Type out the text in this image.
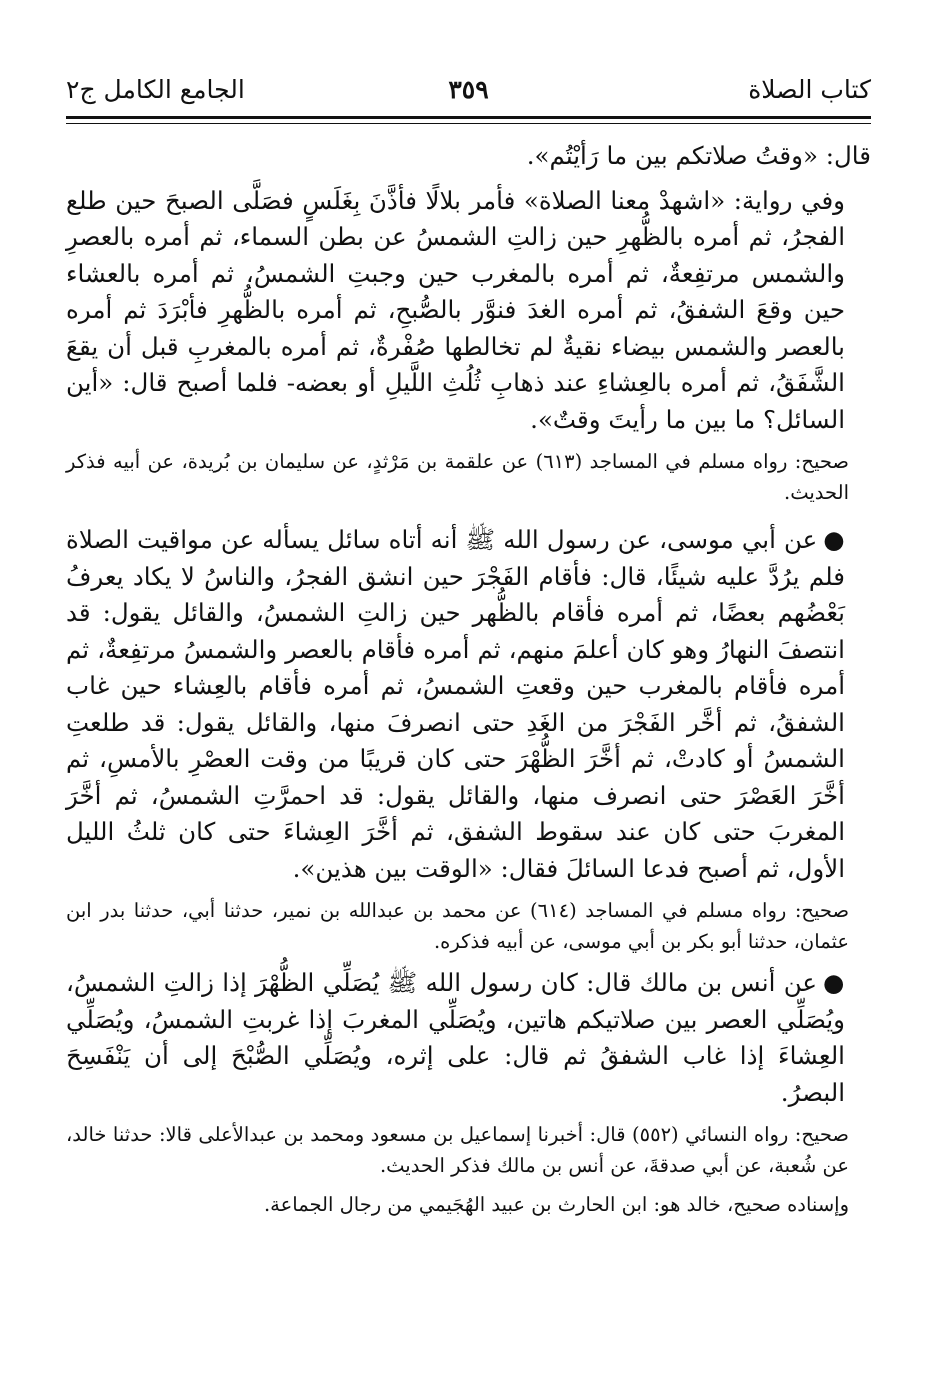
كتاب الصلاة
٣٥٩
الجامع الكامل ج٢

قال: «وقتُ صلاتكم بين ما رَأيْتُم».

وفي رواية: «اشهدْ معنا الصلاة» فأمر بلالًا فأذَّنَ بِغَلَسٍ فصَلَّى الصبحَ حين طلع الفجرُ، ثم أمره بالظُّهرِ حين زالتِ الشمسُ عن بطن السماء، ثم أمره بالعصرِ والشمس مرتفِعةٌ، ثم أمره بالمغرب حين وجبتِ الشمسُ، ثم أمره بالعشاء حين وقعَ الشفقُ، ثم أمره الغدَ فنوَّر بالصُّبحِ، ثم أمره بالظُّهرِ فأبْرَدَ ثم أمره بالعصر والشمس بيضاء نقيةٌ لم تخالطها صُفْرةٌ، ثم أمره بالمغربِ قبل أن يقعَ الشَّفَقُ، ثم أمره بالعِشاءِ عند ذهابِ ثُلُثِ اللَّيلِ أو بعضه- فلما أصبح قال: «أين السائل؟ ما بين ما رأيتَ وقتٌ».

صحيح: رواه مسلم في المساجد (٦١٣) عن علقمة بن مَرْثدٍ، عن سليمان بن بُريدة، عن أبيه فذكر الحديث.

●عن أبي موسى، عن رسول الله ﷺ أنه أتاه سائل يسأله عن مواقيت الصلاة فلم يرُدَّ عليه شيئًا، قال: فأقام الفَجْرَ حين انشق الفجرُ، والناسُ لا يكاد يعرفُ بَعْضُهم بعضًا، ثم أمره فأقام بالظُّهر حين زالتِ الشمسُ، والقائل يقول: قد انتصفَ النهارُ وهو كان أعلمَ منهم، ثم أمره فأقام بالعصر والشمسُ مرتفِعةٌ، ثم أمره فأقام بالمغرب حين وقعتِ الشمسُ، ثم أمره فأقام بالعِشاء حين غاب الشفقُ، ثم أخَّر الفَجْرَ من الغَدِ حتى انصرفَ منها، والقائل يقول: قد طلعتِ الشمسُ أو كادتْ، ثم أخَّرَ الظُّهْرَ حتى كان قريبًا من وقت العصْرِ بالأمسِ، ثم أخَّرَ العَصْرَ حتى انصرف منها، والقائل يقول: قد احمرَّتِ الشمسُ، ثم أخَّرَ المغربَ حتى كان عند سقوط الشفق، ثم أخَّرَ العِشاءَ حتى كان ثلثُ الليل الأول، ثم أصبح فدعا السائلَ فقال: «الوقت بين هذين».

صحيح: رواه مسلم في المساجد (٦١٤) عن محمد بن عبدالله بن نمير، حدثنا أبي، حدثنا بدر ابن عثمان، حدثنا أبو بكر بن أبي موسى، عن أبيه فذكره.

●عن أنس بن مالك قال: كان رسول الله ﷺ يُصَلِّي الظُّهْرَ إذا زالتِ الشمسُ، ويُصَلِّي العصر بين صلاتيكم هاتين، ويُصَلِّي المغربَ إذا غربتِ الشمسُ، ويُصَلِّي العِشاءَ إذا غاب الشفقُ ثم قال: على إثره، ويُصَلِّي الصُّبْحَ إلى أن يَنْفَسِحَ البصرُ.

صحيح: رواه النسائي (٥٥٢) قال: أخبرنا إسماعيل بن مسعود ومحمد بن عبدالأعلى قالا: حدثنا خالد، عن شُعبة، عن أبي صدقةَ، عن أنس بن مالك فذكر الحديث.

وإسناده صحيح، خالد هو: ابن الحارث بن عبيد الهُجَيمي من رجال الجماعة.
